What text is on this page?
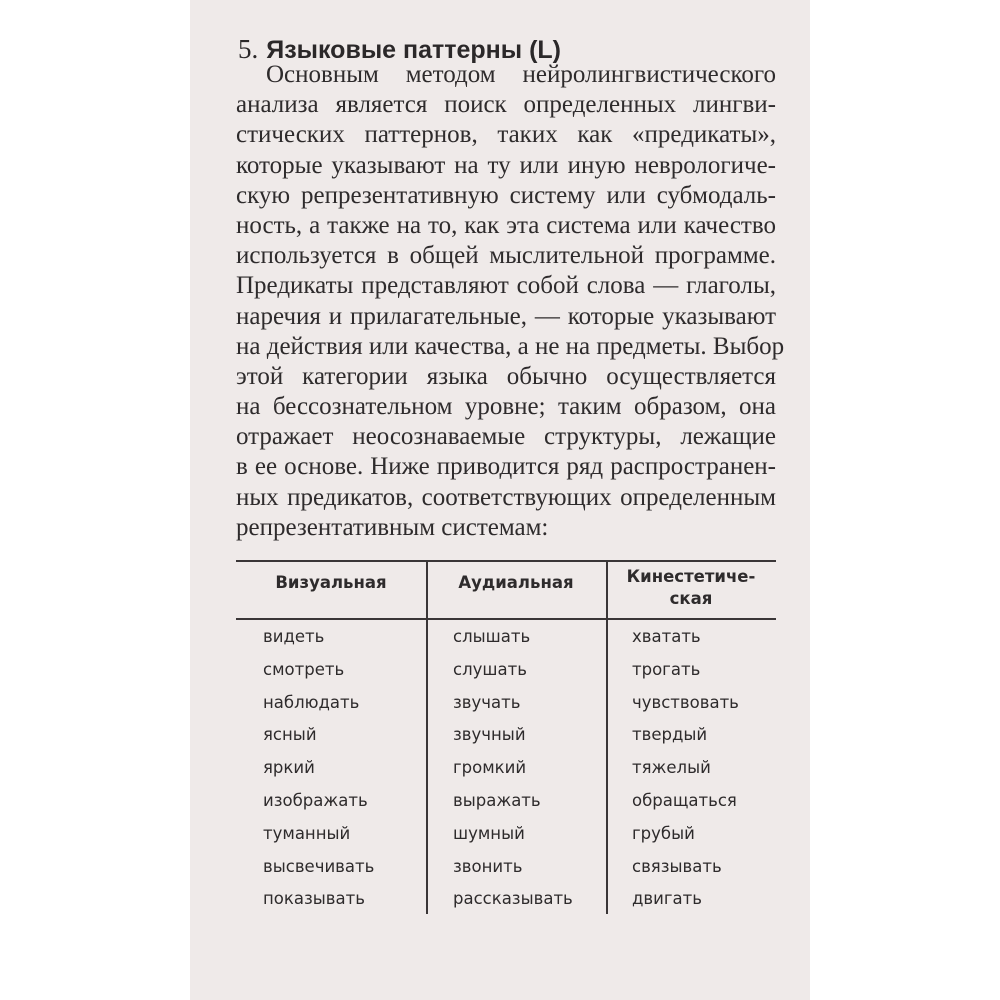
5. Языковые паттерны (L)
Основным методом нейролингвистического
анализа является поиск определенных лингви-
стических паттернов, таких как «предикаты»,
которые указывают на ту или иную неврологиче-
скую репрезентативную систему или субмодаль-
ность, а также на то, как эта система или качество
используется в общей мыслительной программе.
Предикаты представляют собой слова — глаголы,
наречия и прилагательные, — которые указывают
на действия или качества, а не на предметы. Выбор
этой категории языка обычно осуществляется
на бессознательном уровне; таким образом, она
отражает неосознаваемые структуры, лежащие
в ее основе. Ниже приводится ряд распространен-
ных предикатов, соответствующих определенным
репрезентативным системам:
Визуальная	Аудиальная	Кинестетиче-
ская
видеть
смотреть
наблюдать
ясный
яркий
изображать
туманный
высвечивать
показывать
слышать
слушать
звучать
звучный
громкий
выражать
шумный
звонить
рассказывать
хватать
трогать
чувствовать
твердый
тяжелый
обращаться
грубый
связывать
двигать
